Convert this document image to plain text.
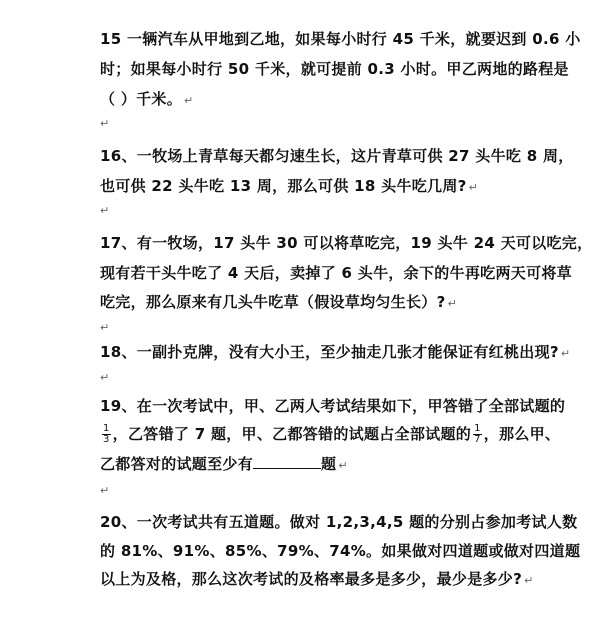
15 一辆汽车从甲地到乙地，如果每小时行 45 千米，就要迟到 0.6 小
时；如果每小时行 50 千米，就可提前 0.3 小时。甲乙两地的路程是
（ ）千米。 ↵
↵
16、一牧场上青草每天都匀速生长，这片青草可供 27 头牛吃 8 周，
也可供 22 头牛吃 13 周，那么可供 18 头牛吃几周? ↵
↵
17、有一牧场，17 头牛 30 可以将草吃完，19 头牛 24 天可以吃完，
现有若干头牛吃了 4 天后，卖掉了 6 头牛，余下的牛再吃两天可将草
吃完，那么原来有几头牛吃草（假设草均匀生长）? ↵
↵
18、一副扑克牌，没有大小王，至少抽走几张才能保证有红桃出现? ↵
↵
19、在一次考试中，甲、乙两人考试结果如下，甲答错了全部试题的
$\frac{1}{3}$ ，乙答错了 7 题，甲、乙都答错的试题占全部试题的 $\frac{1}{7}$ ，那么甲、
乙都答对的试题至少有	题 ↵
↵
20、一次考试共有五道题。做对 1,2,3,4,5 题的分别占参加考试人数
的 81%、91%、85%、79%、74%。如果做对四道题或做对四道题
以上为及格，那么这次考试的及格率最多是多少，最少是多少? ↵
